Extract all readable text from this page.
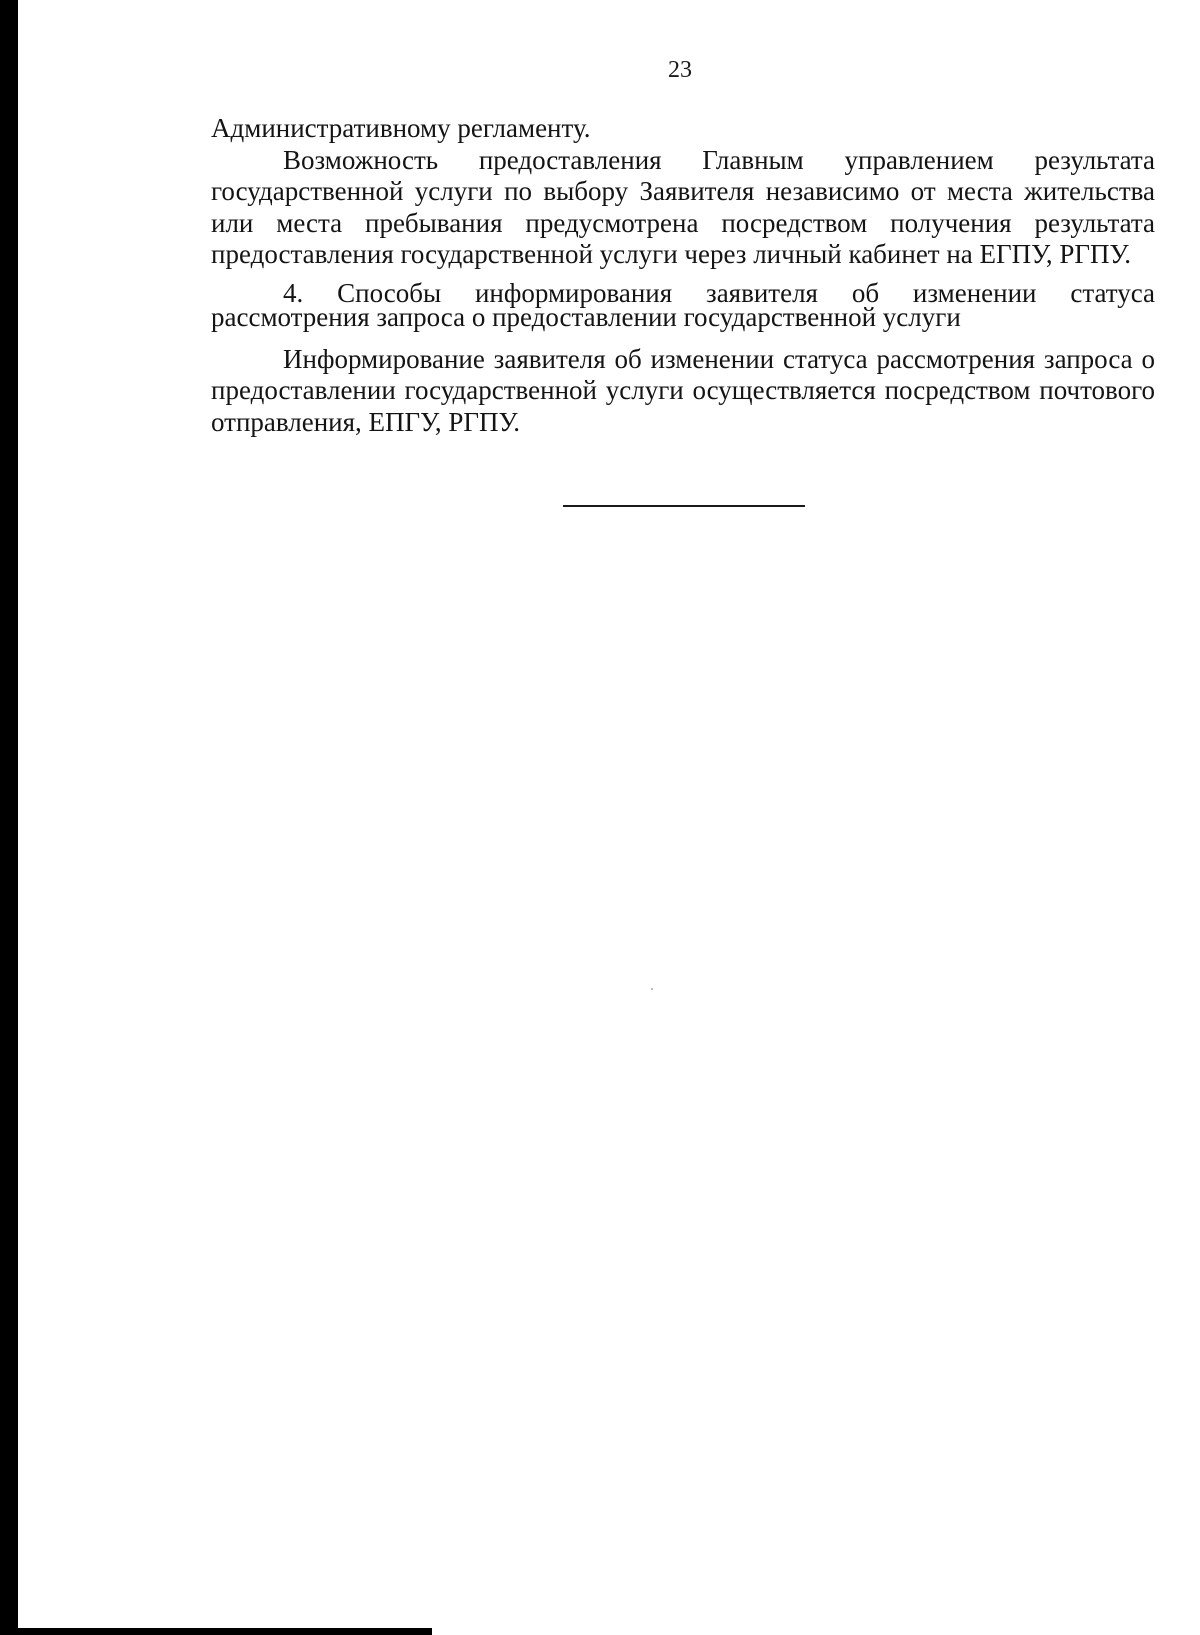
23

Административному регламенту.

Возможность предоставления Главным управлением результата государственной услуги по выбору Заявителя независимо от места жительства или места пребывания предусмотрена посредством получения результата предоставления государственной услуги через личный кабинет на ЕГПУ, РГПУ.

4. Способы информирования заявителя об изменении статуса рассмотрения запроса о предоставлении государственной услуги

Информирование заявителя об изменении статуса рассмотрения запроса о предоставлении государственной услуги осуществляется посредством почтового отправления, ЕПГУ, РГПУ.
